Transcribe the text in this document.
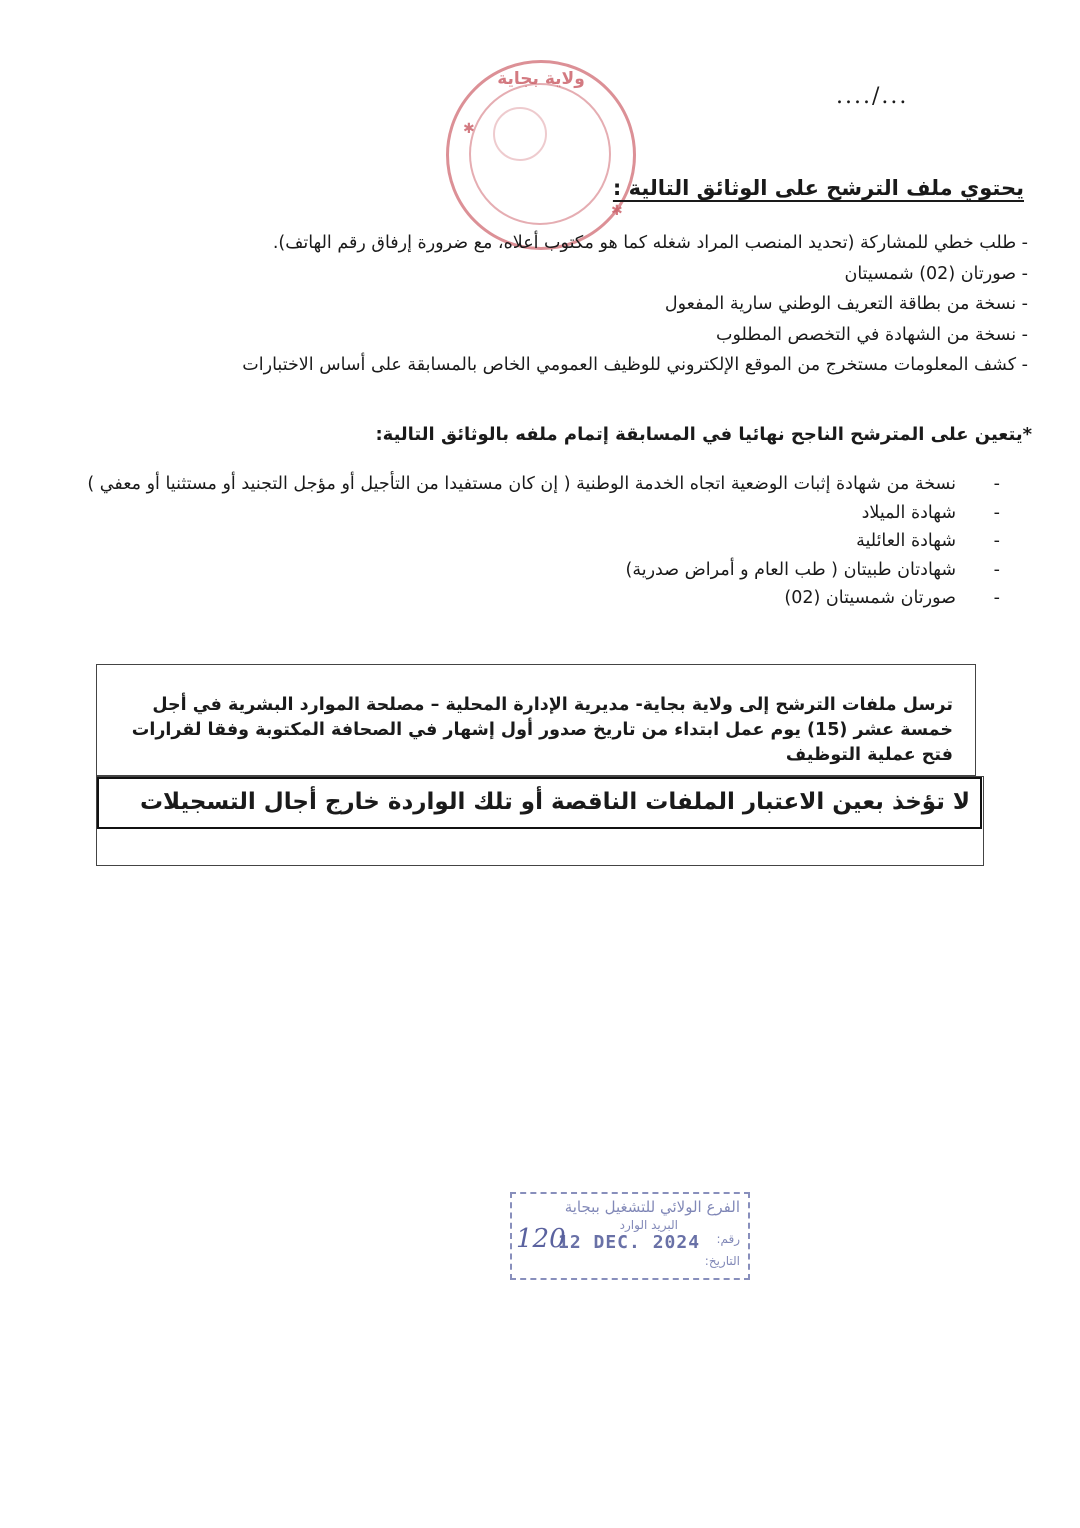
..../...
ولاية بجاية
✱
✱
يحتوي ملف الترشح على الوثائق التالية :
- طلب خطي للمشاركة (تحديد المنصب المراد شغله كما هو مكتوب أعلاه، مع ضرورة إرفاق رقم الهاتف).
- صورتان (02) شمسيتان
- نسخة من بطاقة التعريف الوطني سارية المفعول
- نسخة من الشهادة في التخصص المطلوب
- كشف المعلومات مستخرج من الموقع الإلكتروني للوظيف العمومي الخاص بالمسابقة على أساس الاختبارات
*يتعين على المترشح الناجح نهائيا في المسابقة إتمام ملفه بالوثائق التالية:
-
نسخة من شهادة إثبات الوضعية اتجاه الخدمة الوطنية ( إن كان مستفيدا من التأجيل أو مؤجل التجنيد أو مستثنيا أو معفي )
-
شهادة الميلاد
-
شهادة العائلية
-
شهادتان طبيتان ( طب العام و أمراض صدرية)
-
صورتان شمسيتان (02)
ترسل ملفات الترشح إلى ولاية بجاية- مديرية الإدارة المحلية – مصلحة الموارد البشرية في أجل خمسة عشر (15) يوم عمل ابتداء من تاريخ صدور أول إشهار في الصحافة المكتوبة وفقا لقرارات فتح عملية التوظيف
لا تؤخذ بعين الاعتبار الملفات الناقصة أو تلك الواردة خارج أجال التسجيلات
الفرع الولائي للتشغيل ببجاية
البريد الوارد
رقم:
120
12 DEC. 2024
التاريخ:
